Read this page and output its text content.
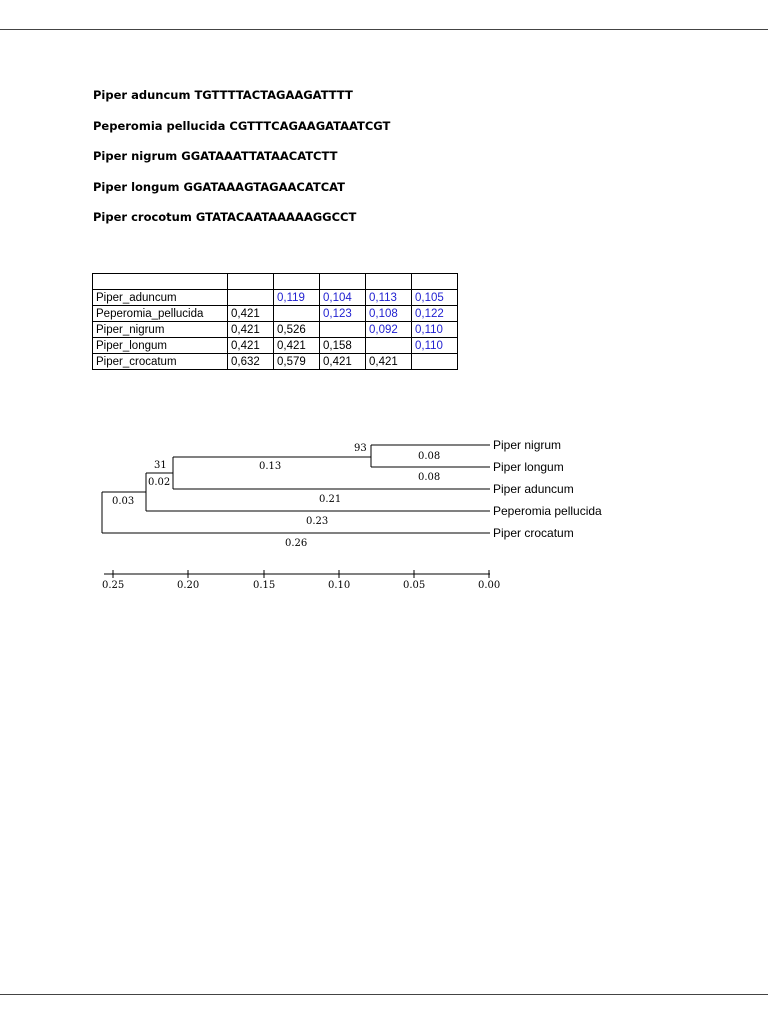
Piper aduncum TGTTTTACTAGAAGATTTT
Peperomia pellucida CGTTTCAGAAGATAATCGT
Piper nigrum GGATAAATTATAACATCTT
Piper longum GGATAAAGTAGAACATCAT
Piper crocotum GTATACAATAAAAAGGCCT

Piper_aduncum		0,119	0,104	0,113	0,105
Peperomia_pellucida	0,421		0,123	0,108	0,122
Piper_nigrum	0,421	0,526		0,092	0,110
Piper_longum	0,421	0,421	0,158		0,110
Piper_crocatum	0,632	0,579	0,421	0,421	
Piper nigrum
Piper longum
Piper aduncum
Peperomia pellucida
Piper crocatum
93
31
0.08
0.08
0.13
0.21
0.02
0.23
0.03
0.26
0.25	0.20	0.15	0.10	0.05	0.00
